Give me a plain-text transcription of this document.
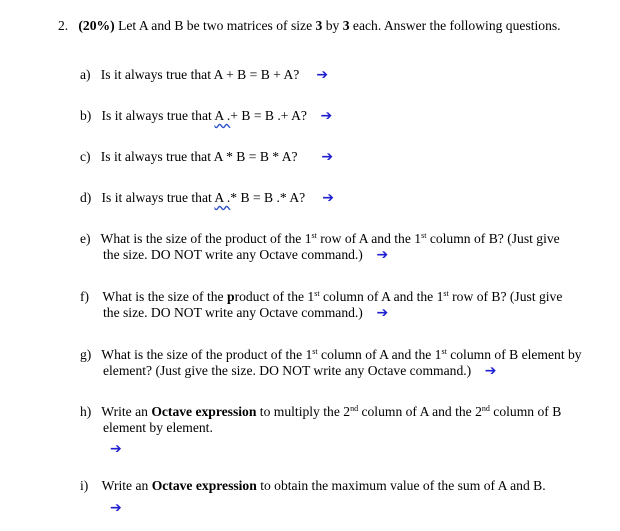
2. (20%) Let A and B be two matrices of size 3 by 3 each. Answer the following questions.
a) Is it always true that A + B = B + A? ➔
b) Is it always true that A .+ B = B .+ A? ➔
c) Is it always true that A * B = B * A? ➔
d) Is it always true that A .* B = B .* A? ➔
e) What is the size of the product of the 1st row of A and the 1st column of B? (Just give
the size. DO NOT write any Octave command.) ➔
f) What is the size of the product of the 1st column of A and the 1st row of B? (Just give
the size. DO NOT write any Octave command.) ➔
g) What is the size of the product of the 1st column of A and the 1st column of B element by
element? (Just give the size. DO NOT write any Octave command.) ➔
h) Write an Octave expression to multiply the 2nd column of A and the 2nd column of B
element by element.
➔
i) Write an Octave expression to obtain the maximum value of the sum of A and B.
➔
